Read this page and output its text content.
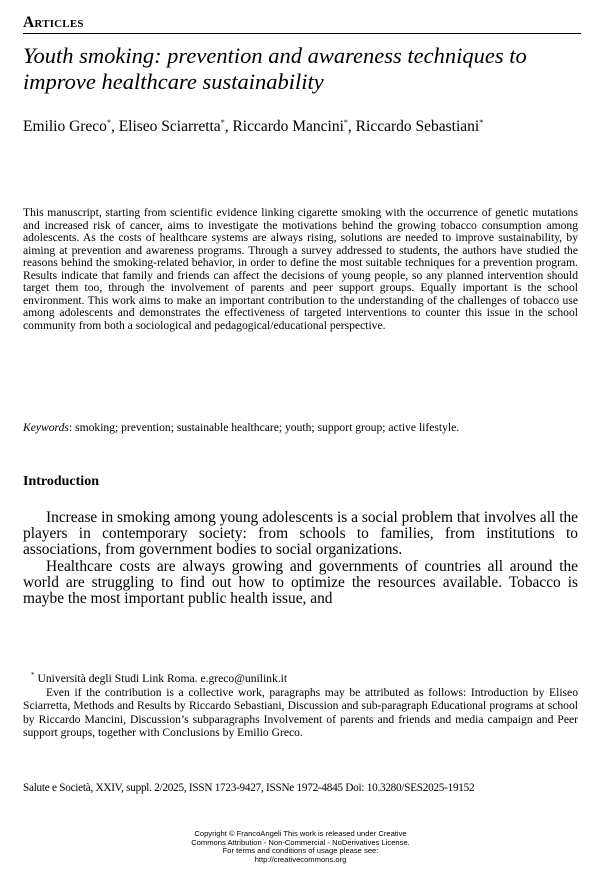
Articles
Youth smoking: prevention and awareness techniques to improve healthcare sustainability
Emilio Greco*, Eliseo Sciarretta*, Riccardo Mancini*, Riccardo Sebastiani*
This manuscript, starting from scientific evidence linking cigarette smoking with the occurrence of genetic mutations and increased risk of cancer, aims to investigate the motivations behind the growing tobacco consumption among adolescents. As the costs of healthcare systems are always rising, solutions are needed to improve sustainability, by aiming at prevention and awareness programs. Through a survey addressed to students, the authors have studied the reasons behind the smoking-related behavior, in order to define the most suitable techniques for a prevention program. Results indicate that family and friends can affect the decisions of young people, so any planned intervention should target them too, through the involvement of parents and peer support groups. Equally important is the school environment. This work aims to make an important contribution to the understanding of the challenges of tobacco use among adolescents and demonstrates the effectiveness of targeted interventions to counter this issue in the school community from both a sociological and pedagogical/educational perspective.
Keywords: smoking; prevention; sustainable healthcare; youth; support group; active lifestyle.
Introduction

Increase in smoking among young adolescents is a social problem that involves all the players in contemporary society: from schools to families, from institutions to associations, from government bodies to social organizations.

Healthcare costs are always growing and governments of countries all around the world are struggling to find out how to optimize the resources available. Tobacco is maybe the most important public health issue, and

* Università degli Studi Link Roma. e.greco@unilink.it

Even if the contribution is a collective work, paragraphs may be attributed as follows: Introduction by Eliseo Sciarretta, Methods and Results by Riccardo Sebastiani, Discussion and sub-paragraph Educational programs at school by Riccardo Mancini, Discussion’s subparagraphs Involvement of parents and friends and media campaign and Peer support groups, together with Conclusions by Emilio Greco.

Salute e Società, XXIV, suppl. 2/2025, ISSN 1723-9427, ISSNe 1972-4845 Doi: 10.3280/SES2025-19152
Copyright © FrancoAngeli This work is released under Creative
Commons Attribution - Non-Commercial - NoDerivatives License.
For terms and conditions of usage please see:
http://creativecommons.org
